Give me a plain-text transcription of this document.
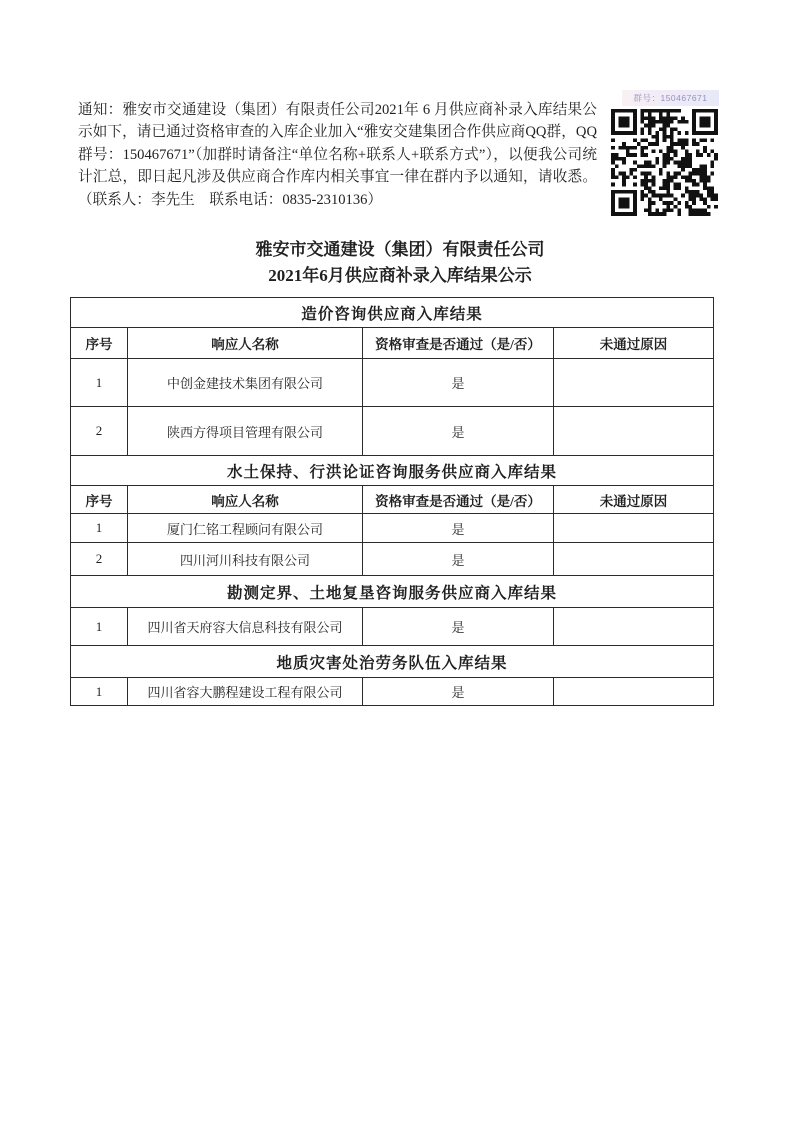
通知：雅安市交通建设（集团）有限责任公司2021年 6 月供应商补录入库结果公示如下，请已通过资格审查的入库企业加入“雅安交建集团合作供应商QQ群，QQ群号：150467671”（加群时请备注“单位名称+联系人+联系方式”），以便我公司统计汇总，即日起凡涉及供应商合作库内相关事宜一律在群内予以通知，请收悉。（联系人：李先生　联系电话：0835-2310136）
群号：150467671
雅安市交通建设（集团）有限责任公司
2021年6月供应商补录入库结果公示
造价咨询供应商入库结果			
序号	响应人名称	资格审查是否通过（是/否）	未通过原因
1	中创金建技术集团有限公司	是	
2	陕西方得项目管理有限公司	是	
水土保持、行洪论证咨询服务供应商入库结果			
序号	响应人名称	资格审查是否通过（是/否）	未通过原因
1	厦门仁铭工程顾问有限公司	是	
2	四川河川科技有限公司	是	
勘测定界、土地复垦咨询服务供应商入库结果			
1	四川省天府容大信息科技有限公司	是	
地质灾害处治劳务队伍入库结果			
1	四川省容大鹏程建设工程有限公司	是	
